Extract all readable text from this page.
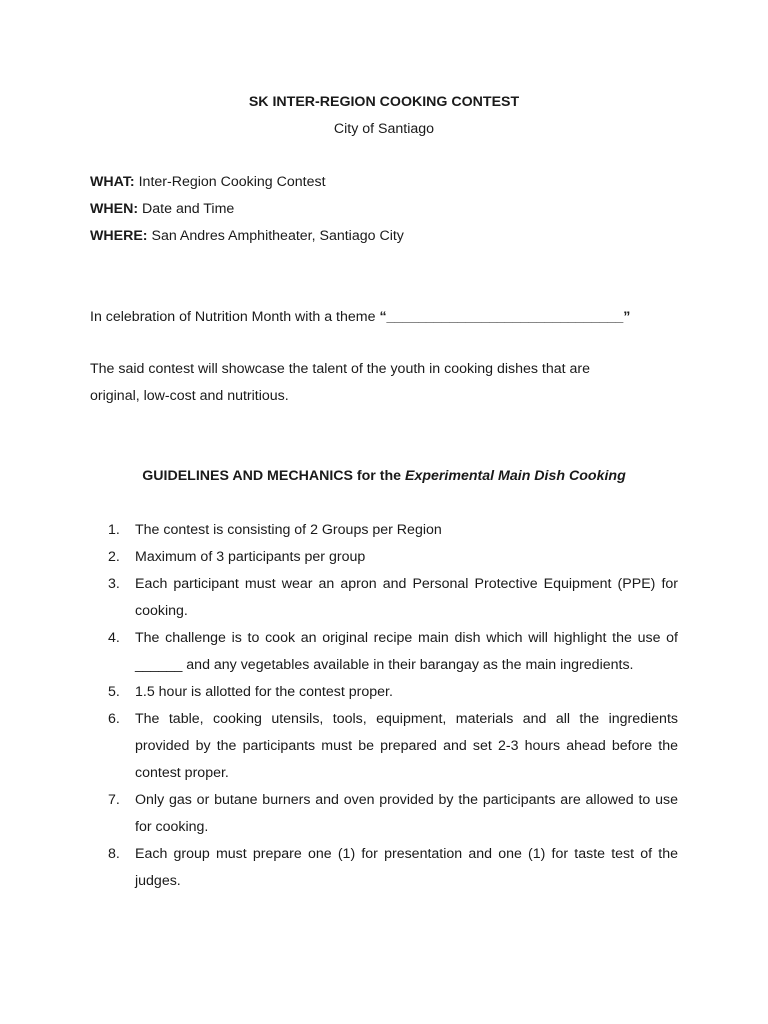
SK INTER-REGION COOKING CONTEST
City of Santiago
WHAT: Inter-Region Cooking Contest
WHEN: Date and Time
WHERE: San Andres Amphitheater, Santiago City
In celebration of Nutrition Month with a theme “______________________________”
The said contest will showcase the talent of the youth in cooking dishes that are
original, low-cost and nutritious.
GUIDELINES AND MECHANICS for the Experimental Main Dish Cooking
1. The contest is consisting of 2 Groups per Region
2. Maximum of 3 participants per group
3. Each participant must wear an apron and Personal Protective Equipment (PPE) for cooking.
4. The challenge is to cook an original recipe main dish which will highlight the use of ______ and any vegetables available in their barangay as the main ingredients.
5. 1.5 hour is allotted for the contest proper.
6. The table, cooking utensils, tools, equipment, materials and all the ingredients provided by the participants must be prepared and set 2-3 hours ahead before the contest proper.
7. Only gas or butane burners and oven provided by the participants are allowed to use for cooking.
8. Each group must prepare one (1) for presentation and one (1) for taste test of the judges.
